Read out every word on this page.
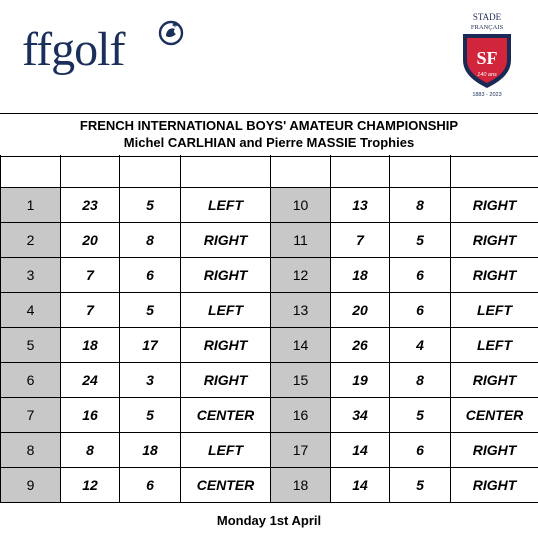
ffgolf
STADE
FRANÇAIS
SF
140 ans
1883 - 2023
FRENCH INTERNATIONAL BOYS' AMATEUR CHAMPIONSHIP
Michel CARLHIAN and Pierre MASSIE Trophies

1	23	5	LEFT	10	13	8	RIGHT
2	20	8	RIGHT	11	7	5	RIGHT
3	7	6	RIGHT	12	18	6	RIGHT
4	7	5	LEFT	13	20	6	LEFT
5	18	17	RIGHT	14	26	4	LEFT
6	24	3	RIGHT	15	19	8	RIGHT
7	16	5	CENTER	16	34	5	CENTER
8	8	18	LEFT	17	14	6	RIGHT
9	12	6	CENTER	18	14	5	RIGHT
Monday 1st April
